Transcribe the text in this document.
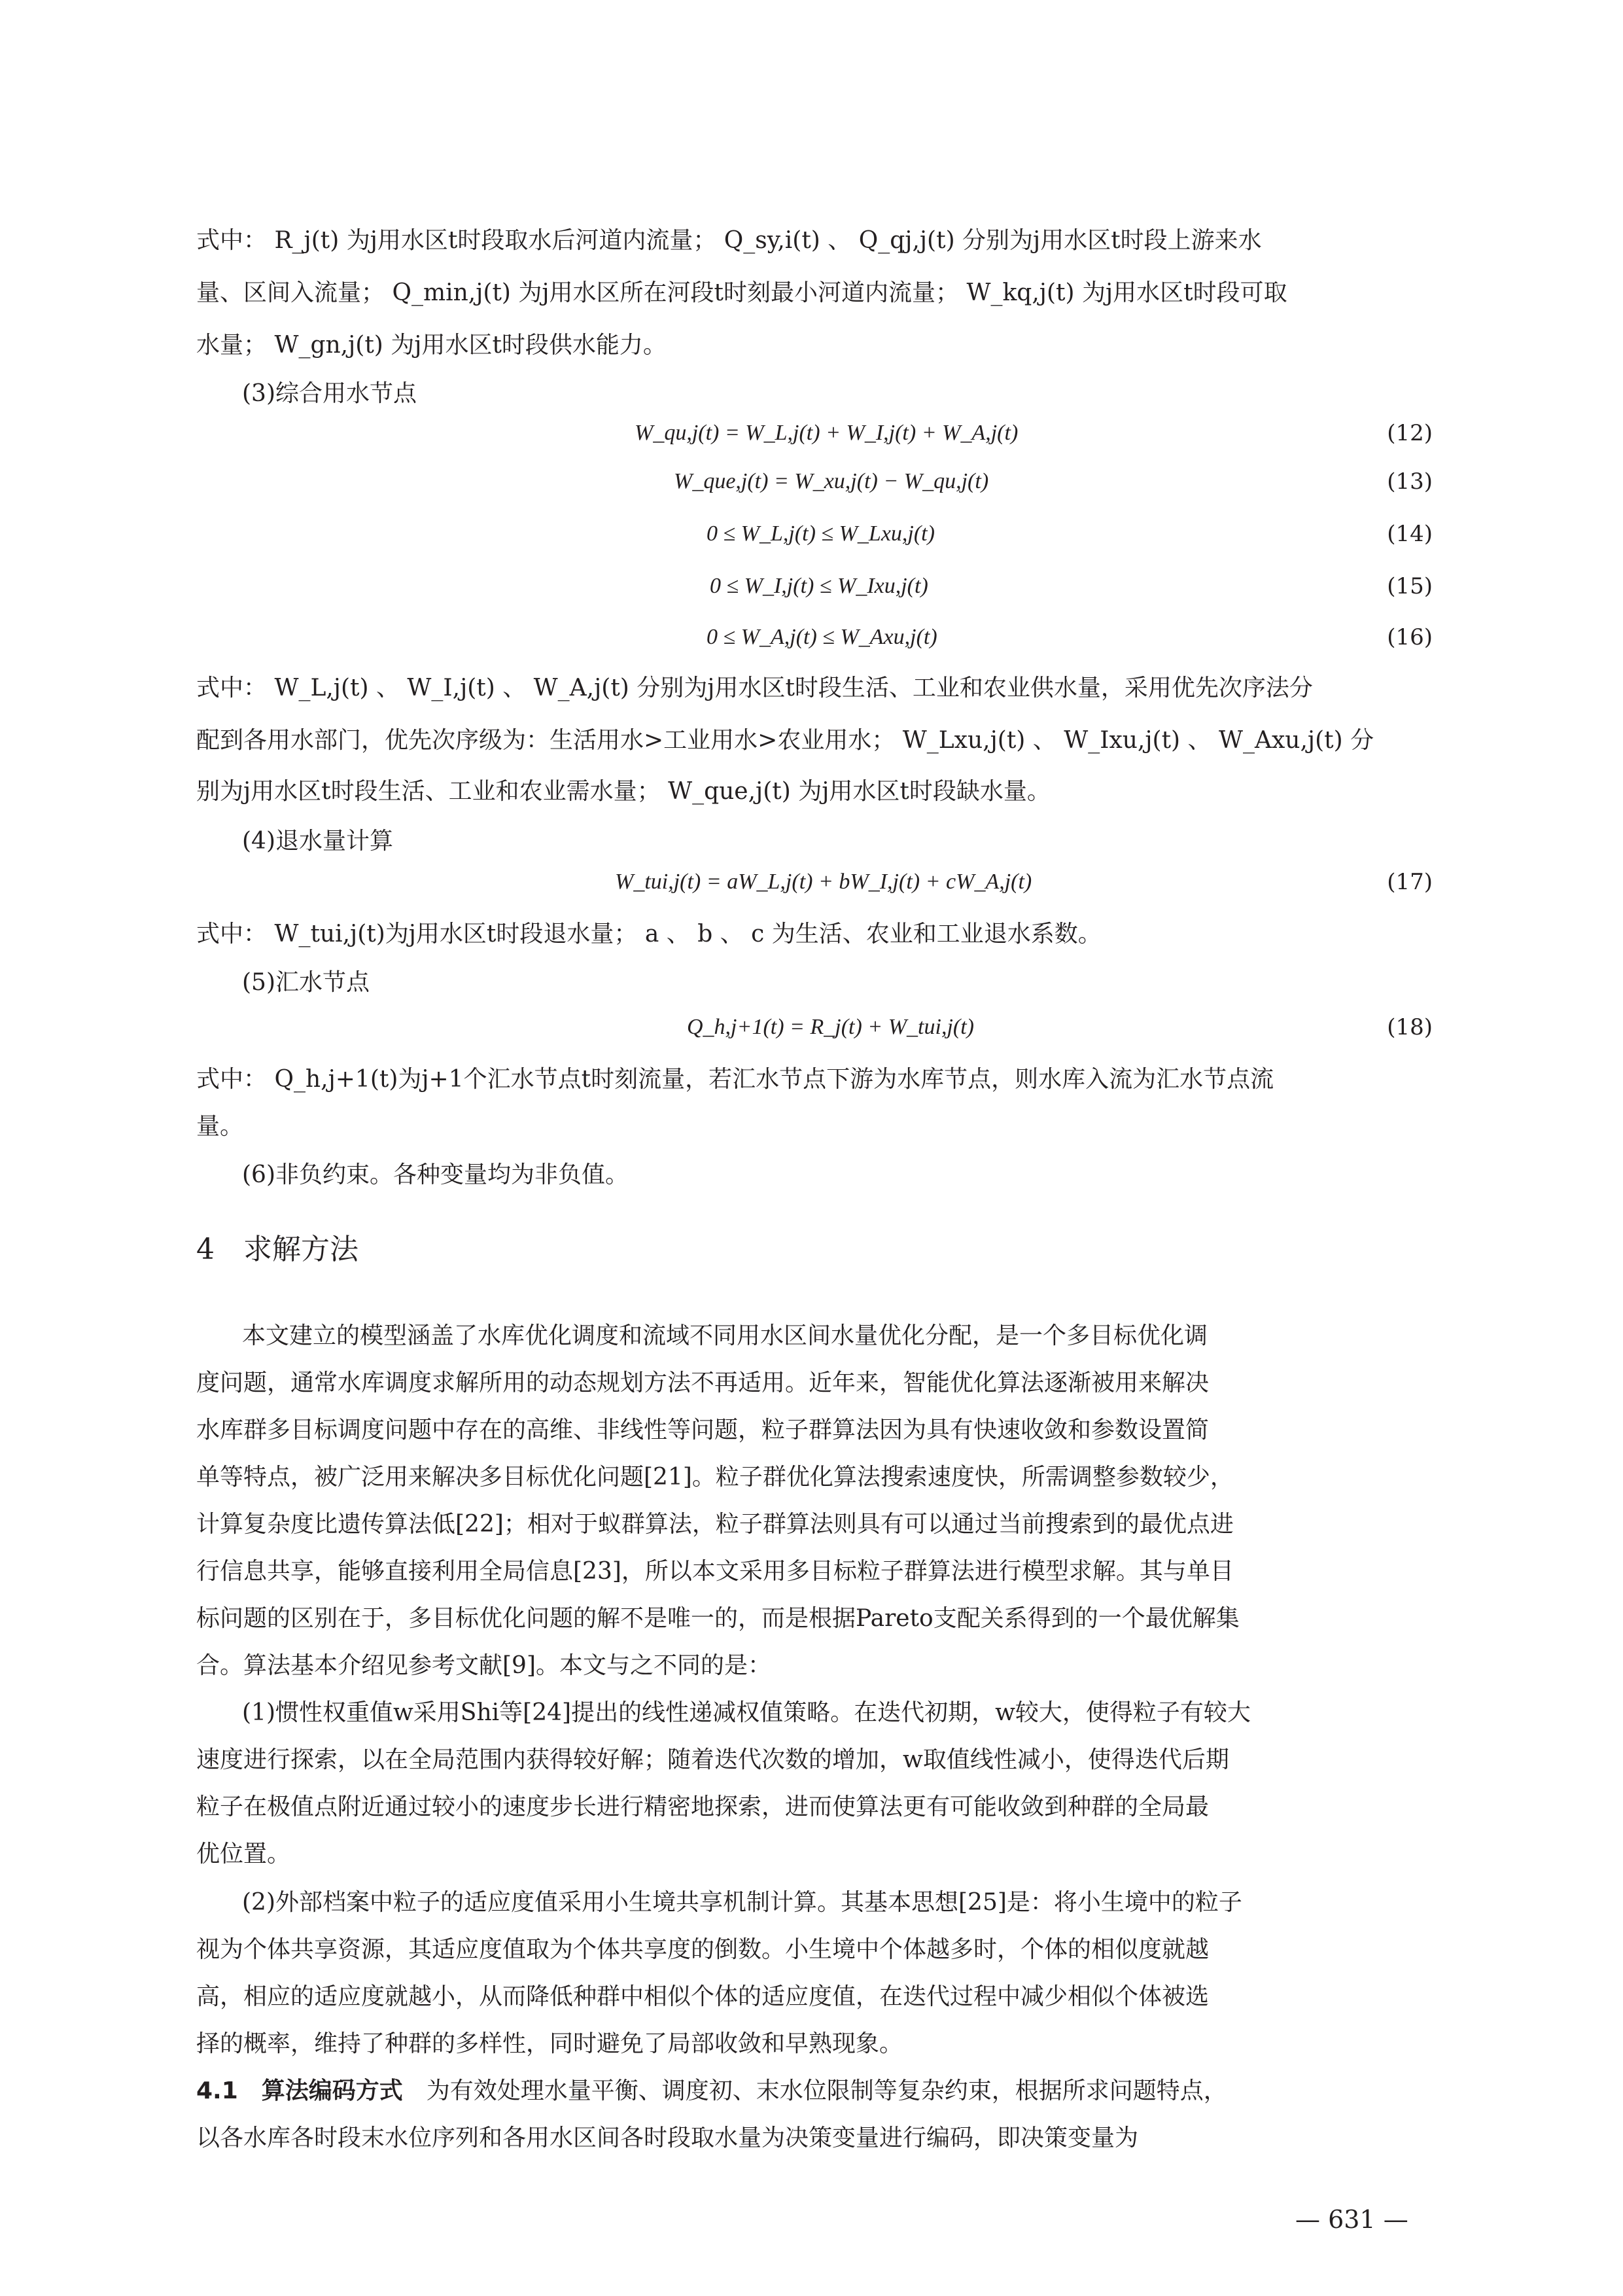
式中： R_j(t) 为j用水区t时段取水后河道内流量； Q_sy,i(t) 、 Q_qj,j(t) 分别为j用水区t时段上游来水
量、区间入流量； Q_min,j(t) 为j用水区所在河段t时刻最小河道内流量； W_kq,j(t) 为j用水区t时段可取
水量； W_gn,j(t) 为j用水区t时段供水能力。
(3)综合用水节点
W_qu,j(t) = W_L,j(t) + W_I,j(t) + W_A,j(t)	(12)
W_que,j(t) = W_xu,j(t) − W_qu,j(t)	(13)
0 ≤ W_L,j(t) ≤ W_Lxu,j(t)	(14)
0 ≤ W_I,j(t) ≤ W_Ixu,j(t)	(15)
0 ≤ W_A,j(t) ≤ W_Axu,j(t)	(16)
式中： W_L,j(t) 、 W_I,j(t) 、 W_A,j(t) 分别为j用水区t时段生活、工业和农业供水量，采用优先次序法分
配到各用水部门，优先次序级为：生活用水>工业用水>农业用水； W_Lxu,j(t) 、 W_Ixu,j(t) 、 W_Axu,j(t) 分
别为j用水区t时段生活、工业和农业需水量； W_que,j(t) 为j用水区t时段缺水量。
(4)退水量计算
W_tui,j(t) = aW_L,j(t) + bW_I,j(t) + cW_A,j(t)	(17)
式中： W_tui,j(t)为j用水区t时段退水量； a 、 b 、 c 为生活、农业和工业退水系数。
(5)汇水节点
Q_h,j+1(t) = R_j(t) + W_tui,j(t)	(18)
式中： Q_h,j+1(t)为j+1个汇水节点t时刻流量，若汇水节点下游为水库节点，则水库入流为汇水节点流
量。
(6)非负约束。各种变量均为非负值。
4　求解方法
本文建立的模型涵盖了水库优化调度和流域不同用水区间水量优化分配，是一个多目标优化调
度问题，通常水库调度求解所用的动态规划方法不再适用。近年来，智能优化算法逐渐被用来解决
水库群多目标调度问题中存在的高维、非线性等问题，粒子群算法因为具有快速收敛和参数设置简
单等特点，被广泛用来解决多目标优化问题[21]。粒子群优化算法搜索速度快，所需调整参数较少，
计算复杂度比遗传算法低[22]；相对于蚁群算法，粒子群算法则具有可以通过当前搜索到的最优点进
行信息共享，能够直接利用全局信息[23]，所以本文采用多目标粒子群算法进行模型求解。其与单目
标问题的区别在于，多目标优化问题的解不是唯一的，而是根据Pareto支配关系得到的一个最优解集
合。算法基本介绍见参考文献[9]。本文与之不同的是：
(1)惯性权重值w采用Shi等[24]提出的线性递减权值策略。在迭代初期，w较大，使得粒子有较大
速度进行探索，以在全局范围内获得较好解；随着迭代次数的增加，w取值线性减小，使得迭代后期
粒子在极值点附近通过较小的速度步长进行精密地探索，进而使算法更有可能收敛到种群的全局最
优位置。
(2)外部档案中粒子的适应度值采用小生境共享机制计算。其基本思想[25]是：将小生境中的粒子
视为个体共享资源，其适应度值取为个体共享度的倒数。小生境中个体越多时，个体的相似度就越
高，相应的适应度就越小，从而降低种群中相似个体的适应度值，在迭代过程中减少相似个体被选
择的概率，维持了种群的多样性，同时避免了局部收敛和早熟现象。
4.1　算法编码方式　为有效处理水量平衡、调度初、末水位限制等复杂约束，根据所求问题特点，
以各水库各时段末水位序列和各用水区间各时段取水量为决策变量进行编码，即决策变量为
— 631 —
